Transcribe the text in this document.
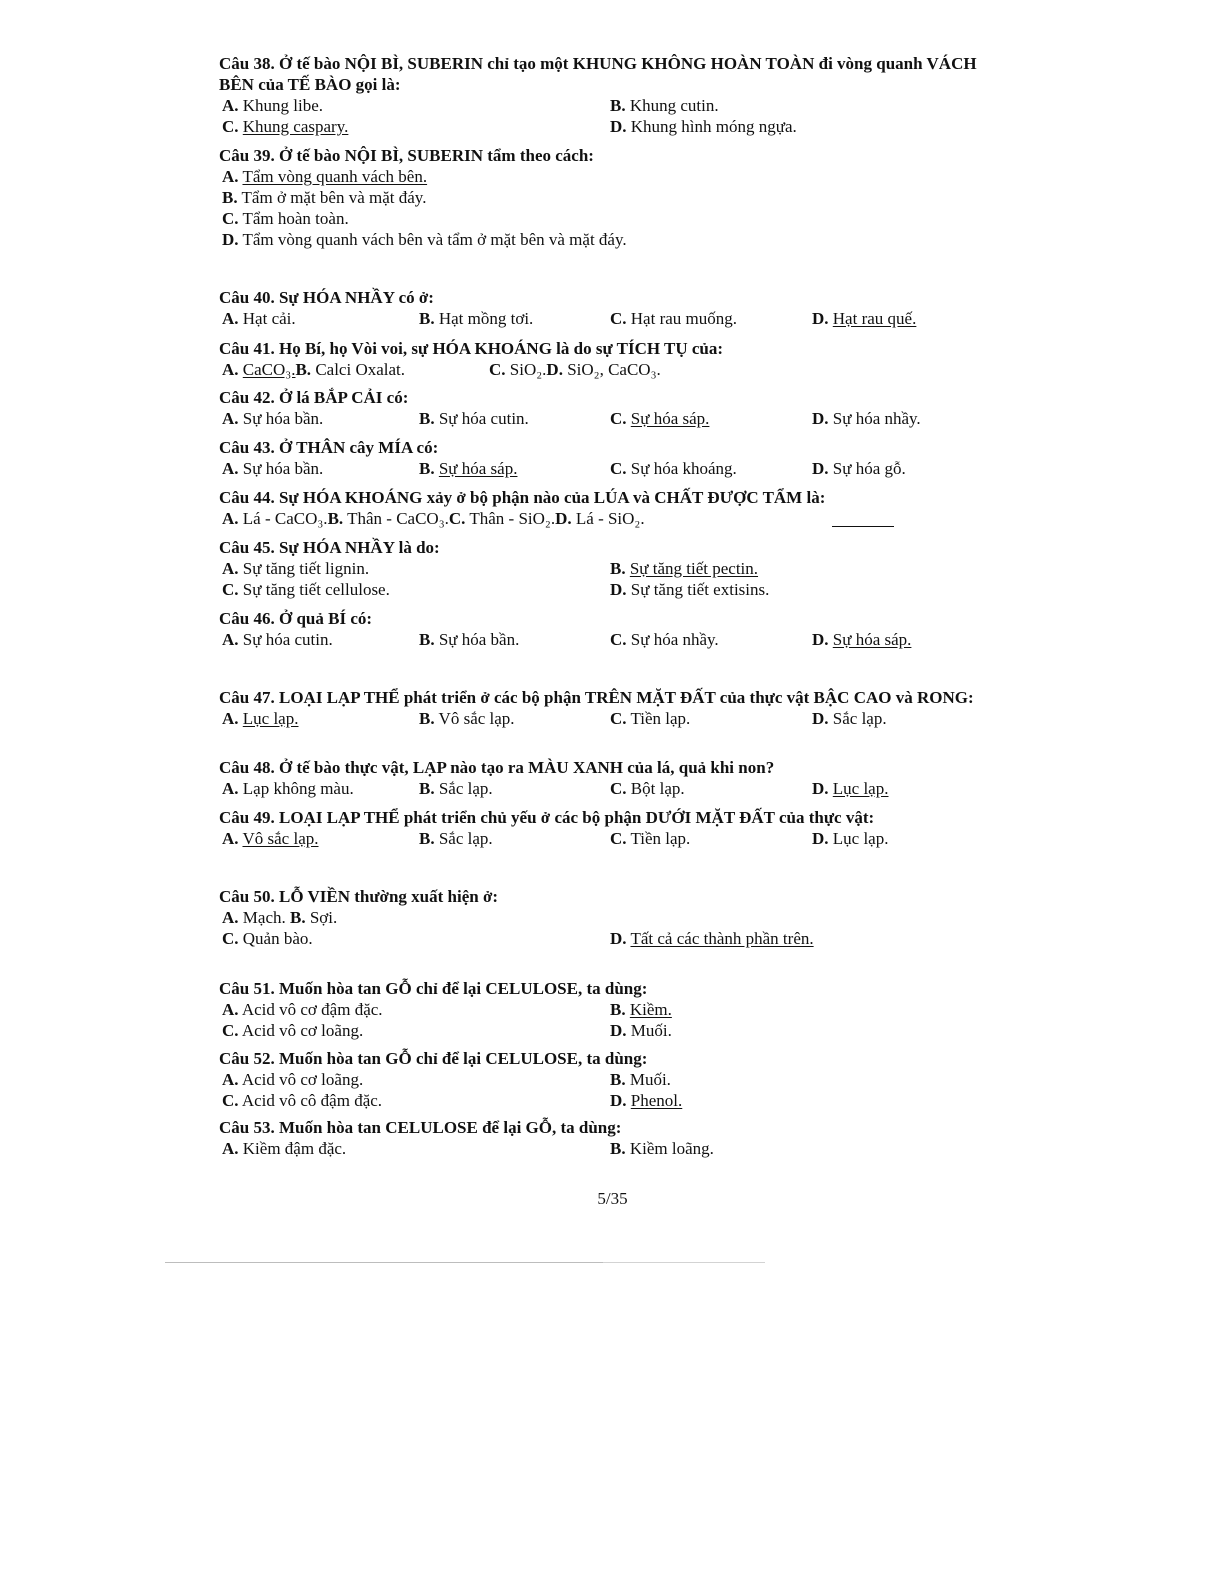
Câu 38. Ở tế bào NỘI BÌ, SUBERIN chỉ tạo một KHUNG KHÔNG HOÀN TOÀN đi vòng quanh VÁCH BÊN của TẾ BÀO gọi là:

A. Khung libe.	B. Khung cutin.
C. Khung caspary.	D. Khung hình móng ngựa.

Câu 39. Ở tế bào NỘI BÌ, SUBERIN tẩm theo cách:

A. Tẩm vòng quanh vách bên.
B. Tẩm ở mặt bên và mặt đáy.
C. Tẩm hoàn toàn.
D. Tẩm vòng quanh vách bên và tẩm ở mặt bên và mặt đáy.

Câu 40. Sự HÓA NHẦY có ở:

A. Hạt cải.	B. Hạt mồng tơi.	C. Hạt rau muống.	D. Hạt rau quế.

Câu 41. Họ Bí, họ Vòi voi, sự HÓA KHOÁNG là do sự TÍCH TỤ của:

A. CaCO₃.B. Calci Oxalat.	C. SiO₂.D. SiO₂, CaCO₃.

Câu 42. Ở lá BẮP CẢI có:

A. Sự hóa bần.	B. Sự hóa cutin.	C. Sự hóa sáp.	D. Sự hóa nhầy.

Câu 43. Ở THÂN cây MÍA có:

A. Sự hóa bần.	B. Sự hóa sáp.	C. Sự hóa khoáng.	D. Sự hóa gỗ.

Câu 44. Sự HÓA KHOÁNG xảy ở bộ phận nào của LÚA và CHẤT ĐƯỢC TẨM là:

A. Lá - CaCO₃.B. Thân - CaCO₃.C. Thân - SiO₂.D. Lá - SiO₂.

Câu 45. Sự HÓA NHẦY là do:

A. Sự tăng tiết lignin.	B. Sự tăng tiết pectin.
C. Sự tăng tiết cellulose.	D. Sự tăng tiết extisins.

Câu 46. Ở quả BÍ có:

A. Sự hóa cutin.	B. Sự hóa bần.	C. Sự hóa nhầy.	D. Sự hóa sáp.

Câu 47. LOẠI LẠP THỂ phát triển ở các bộ phận TRÊN MẶT ĐẤT của thực vật BẬC CAO và RONG:

A. Lục lạp.	B. Vô sắc lạp.	C. Tiền lạp.	D. Sắc lạp.

Câu 48. Ở tế bào thực vật, LẠP nào tạo ra MÀU XANH của lá, quả khi non?

A. Lạp không màu.	B. Sắc lạp.	C. Bột lạp.	D. Lục lạp.

Câu 49. LOẠI LẠP THỂ phát triển chủ yếu ở các bộ phận DƯỚI MẶT ĐẤT của thực vật:

A. Vô sắc lạp.	B. Sắc lạp.	C. Tiền lạp.	D. Lục lạp.

Câu 50. LỖ VIỀN thường xuất hiện ở:

A. Mạch. B. Sợi.
C. Quản bào.	D. Tất cả các thành phần trên.

Câu 51. Muốn hòa tan GỖ chỉ để lại CELULOSE, ta dùng:

A. Acid vô cơ đậm đặc.	B. Kiềm.
C. Acid vô cơ loãng.	D. Muối.

Câu 52. Muốn hòa tan GỖ chỉ để lại CELULOSE, ta dùng:

A. Acid vô cơ loãng.	B. Muối.
C. Acid vô cô đậm đặc.	D. Phenol.

Câu 53. Muốn hòa tan CELULOSE để lại GỖ, ta dùng:

A. Kiềm đậm đặc.	B. Kiềm loãng.
5/35
